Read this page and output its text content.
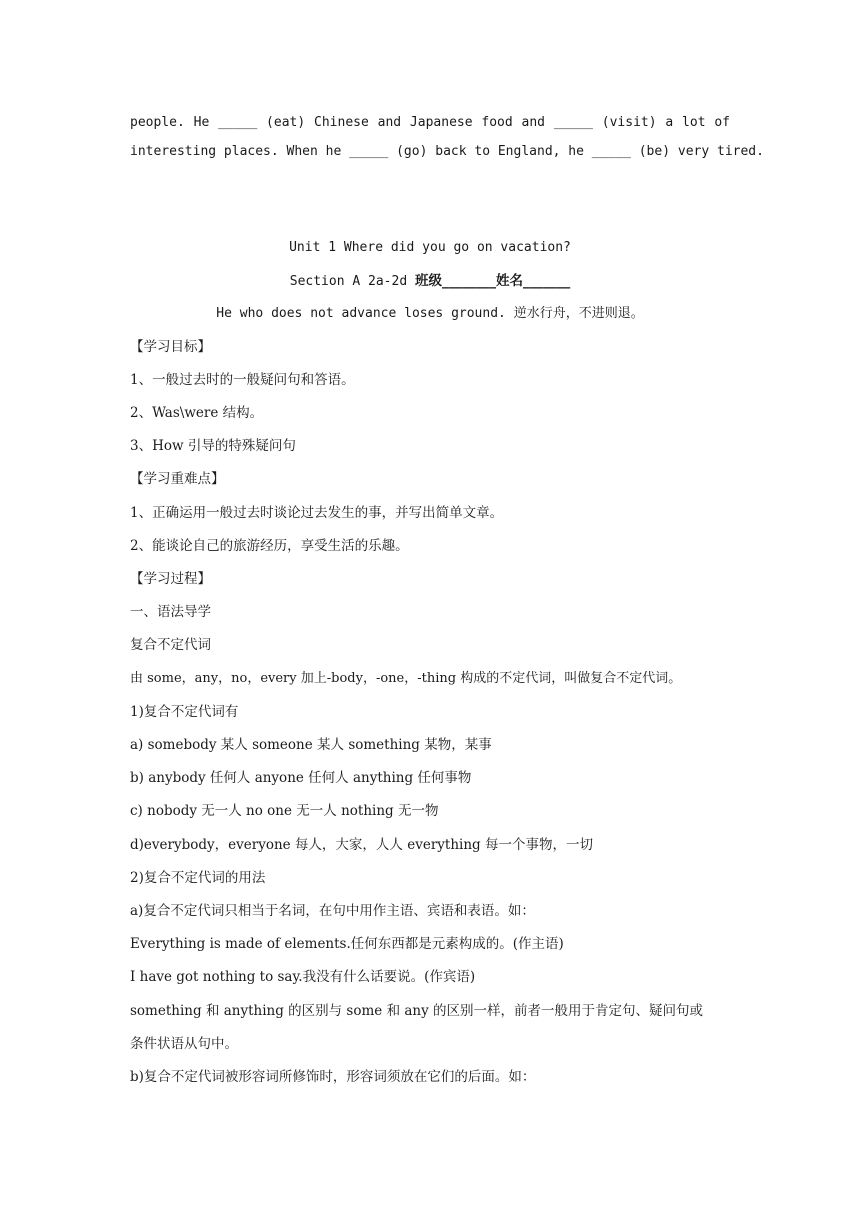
people. He _____ (eat) Chinese and Japanese food and _____ (visit) a lot of
interesting places. When he _____ (go) back to England, he _____ (be) very tired.
Unit 1 Where did you go on vacation?
Section A 2a-2d 班级________姓名_______
He who does not advance loses ground. 逆水行舟，不进则退。
【学习目标】
1、一般过去时的一般疑问句和答语。
2、Was\were 结构。
3、How 引导的特殊疑问句
【学习重难点】
1、正确运用一般过去时谈论过去发生的事，并写出简单文章。
2、能谈论自己的旅游经历，享受生活的乐趣。
【学习过程】
一、语法导学
复合不定代词
由 some，any，no，every 加上-body，-one，-thing 构成的不定代词，叫做复合不定代词。
1)复合不定代词有
a) somebody 某人 someone 某人 something 某物，某事
b) anybody 任何人 anyone 任何人 anything 任何事物
c) nobody 无一人 no one 无一人 nothing 无一物
d)everybody，everyone 每人，大家，人人 everything 每一个事物，一切
2)复合不定代词的用法
a)复合不定代词只相当于名词，在句中用作主语、宾语和表语。如：
Everything is made of elements.任何东西都是元素构成的。(作主语)
I have got nothing to say.我没有什么话要说。(作宾语)
something 和 anything 的区别与 some 和 any 的区别一样，前者一般用于肯定句、疑问句或
条件状语从句中。
b)复合不定代词被形容词所修饰时，形容词须放在它们的后面。如：
